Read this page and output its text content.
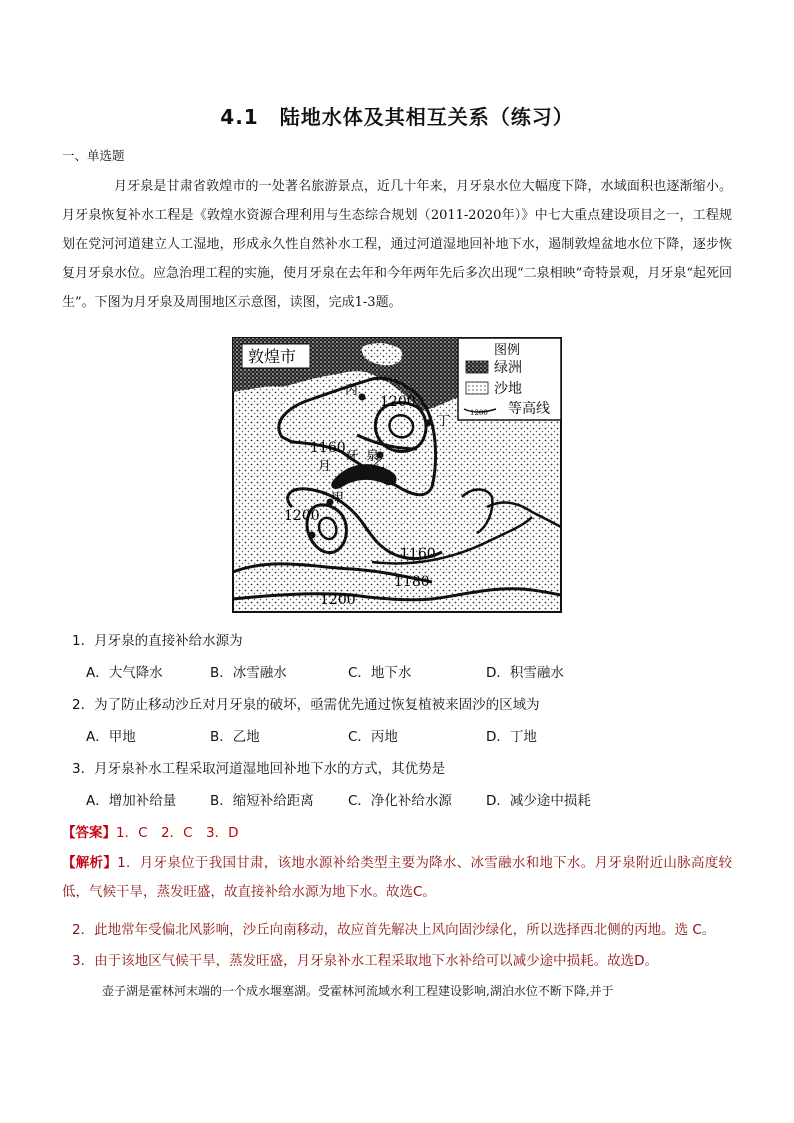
4.1　陆地水体及其相互关系（练习）
一、单选题
月牙泉是甘肃省敦煌市的一处著名旅游景点，近几十年来，月牙泉水位大幅度下降，水域面积也逐渐缩小。月牙泉恢复补水工程是《敦煌水资源合理利用与生态综合规划（2011-2020年）》中七大重点建设项目之一，工程规划在党河河道建立人工湿地，形成永久性自然补水工程，通过河道湿地回补地下水，遏制敦煌盆地水位下降，逐步恢复月牙泉水位。应急治理工程的实施，使月牙泉在去年和今年两年先后多次出现“二泉相映”奇特景观，月牙泉“起死回生”。下图为月牙泉及周围地区示意图，读图，完成1-3题。
敦煌市	图例
绿洲
沙地
1200 等高线
丙
丁
乙
甲
月
牙 泉
1200
1160
1200
1160
1180
1200
1．月牙泉的直接补给水源为
A．大气降水	B．冰雪融水	C．地下水	D．积雪融水
2．为了防止移动沙丘对月牙泉的破坏，亟需优先通过恢复植被来固沙的区域为
A．甲地	B．乙地	C．丙地	D．丁地
3．月牙泉补水工程采取河道湿地回补地下水的方式，其优势是
A．增加补给量	B．缩短补给距离	C．净化补给水源	D．减少途中损耗
【答案】1．C　2．C　3．D
【解析】1．月牙泉位于我国甘肃，该地水源补给类型主要为降水、冰雪融水和地下水。月牙泉附近山脉高度较低，气候干旱，蒸发旺盛，故直接补给水源为地下水。故选C。
2．此地常年受偏北风影响，沙丘向南移动，故应首先解决上风向固沙绿化，所以选择西北侧的丙地。选 C。
3．由于该地区气候干旱，蒸发旺盛，月牙泉补水工程采取地下水补给可以减少途中损耗。故选D。
壶子湖是霍林河末端的一个成水堰塞湖。受霍林河流域水利工程建设影响,湖泊水位不断下降,并于
